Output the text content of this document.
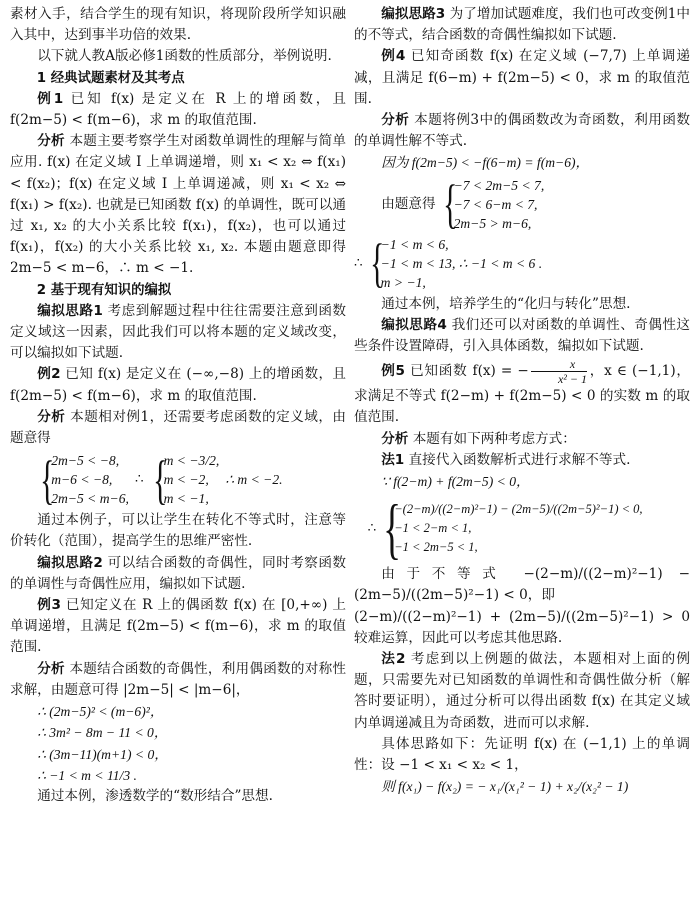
素材入手，结合学生的现有知识，将现阶段所学知识融入其中，达到事半功倍的效果.

以下就人教A版必修1函数的性质部分，举例说明.

1 经典试题素材及其考点

例1 已知 f(x) 是定义在 R 上的增函数，且 f(2m−5) < f(m−6)，求 m 的取值范围.

分析 本题主要考察学生对函数单调性的理解与简单应用. f(x) 在定义域 I 上单调递增，则 x₁ < x₂ ⇔ f(x₁) < f(x₂)；f(x) 在定义域 I 上单调递减，则 x₁ < x₂ ⇔ f(x₁) > f(x₂). 也就是已知函数 f(x) 的单调性，既可以通过 x₁, x₂ 的大小关系比较 f(x₁)，f(x₂)，也可以通过 f(x₁)，f(x₂) 的大小关系比较 x₁, x₂. 本题由题意即得 2m−5 < m−6，∴ m < −1.

2 基于现有知识的编拟

编拟思路1 考虑到解题过程中往往需要注意到函数定义域这一因素，因此我们可以将本题的定义域改变，可以编拟如下试题.

例2 已知 f(x) 是定义在 (−∞,−8) 上的增函数，且 f(2m−5) < f(m−6)，求 m 的取值范围.

分析 本题相对例1，还需要考虑函数的定义域，由题意得

{
2m−5 < −8,
m−6 < −8,
2m−5 < m−6,
∴ {
m < −3/2,
m < −2,
m < −1,
∴ m < −2.

通过本例子，可以让学生在转化不等式时，注意等价转化（范围），提高学生的思维严密性.

编拟思路2 可以结合函数的奇偶性，同时考察函数的单调性与奇偶性应用，编拟如下试题.

例3 已知定义在 R 上的偶函数 f(x) 在 [0,+∞) 上单调递增，且满足 f(2m−5) < f(m−6)，求 m 的取值范围.

分析 本题结合函数的奇偶性，利用偶函数的对称性求解，由题意可得 |2m−5| < |m−6|，

∴ (2m−5)² < (m−6)²，
∴ 3m² − 8m − 11 < 0，
∴ (3m−11)(m+1) < 0，
∴ −1 < m < 11/3 .

通过本例，渗透数学的“数形结合”思想.

编拟思路3 为了增加试题难度，我们也可改变例1中的不等式，结合函数的奇偶性编拟如下试题.

例4 已知奇函数 f(x) 在定义域 (−7,7) 上单调递减，且满足 f(6−m) + f(2m−5) < 0，求 m 的取值范围.

分析 本题将例3中的偶函数改为奇函数，利用函数的单调性解不等式.

因为 f(2m−5) < −f(6−m) = f(m−6)，
由题意得 {
−7 < 2m−5 < 7,
−7 < 6−m < 7,
2m−5 > m−6,
∴ {
−1 < m < 6,
−1 < m < 13, ∴ −1 < m < 6 .
m > −1,

通过本例，培养学生的“化归与转化”思想.

编拟思路4 我们还可以对函数的单调性、奇偶性这些条件设置障碍，引入具体函数，编拟如下试题.

例5 已知函数 f(x) = − $\frac{x}{\text{x² − 1}}$ ，x ∈ (−1,1)，求满足不等式 f(2−m) + f(2m−5) < 0 的实数 m 的取值范围.

分析 本题有如下两种考虑方式：

法1 直接代入函数解析式进行求解不等式.

∵ f(2−m) + f(2m−5) < 0，
∴ {
−(2−m)/((2−m)²−1) − (2m−5)/((2m−5)²−1) < 0,
−1 < 2−m < 1,
−1 < 2m−5 < 1,

由于不等式 −(2−m)/((2−m)²−1) − (2m−5)/((2m−5)²−1) < 0，即

(2−m)/((2−m)²−1) + (2m−5)/((2m−5)²−1) > 0 较难运算，因此可以考虑其他思路.

法2 考虑到以上例题的做法，本题相对上面的例题，只需要先对已知函数的单调性和奇偶性做分析（解答时要证明），通过分析可以得出函数 f(x) 在其定义域内单调递减且为奇函数，进而可以求解.

具体思路如下：先证明 f(x) 在 (−1,1) 上的单调性：设 −1 < x₁ < x₂ < 1，

则 f(x₁) − f(x₂) = − x₁/(x₁² − 1) + x₂/(x₂² − 1)
